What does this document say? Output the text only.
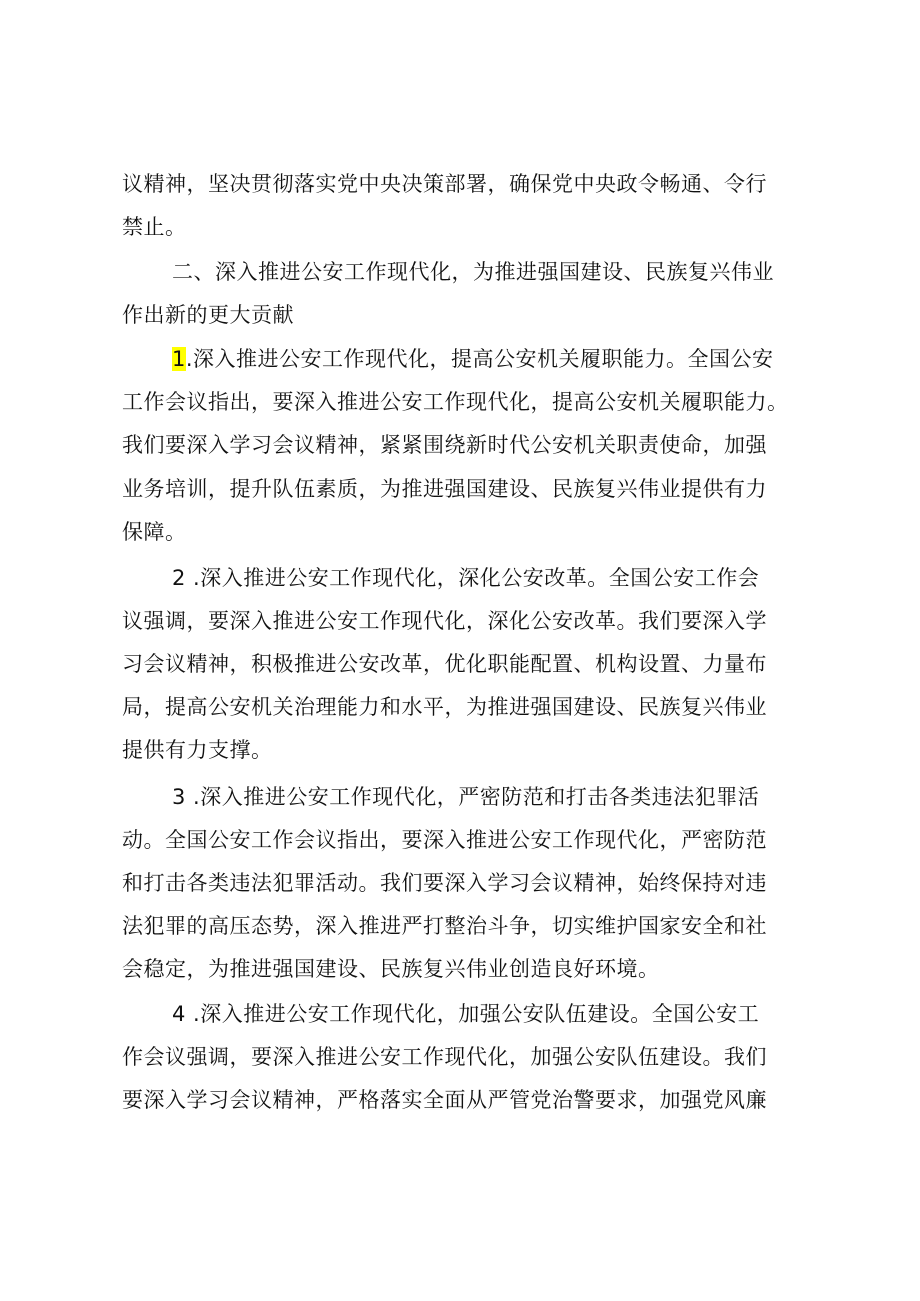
议精神，坚决贯彻落实党中央决策部署，确保党中央政令畅通、令行
禁止。
二、深入推进公安工作现代化，为推进强国建设、民族复兴伟业
作出新的更大贡献
1.深入推进公安工作现代化，提高公安机关履职能力。全国公安
工作会议指出，要深入推进公安工作现代化，提高公安机关履职能力。
我们要深入学习会议精神，紧紧围绕新时代公安机关职责使命，加强
业务培训，提升队伍素质，为推进强国建设、民族复兴伟业提供有力
保障。
2 .深入推进公安工作现代化，深化公安改革。全国公安工作会
议强调，要深入推进公安工作现代化，深化公安改革。我们要深入学
习会议精神，积极推进公安改革，优化职能配置、机构设置、力量布
局，提高公安机关治理能力和水平，为推进强国建设、民族复兴伟业
提供有力支撑。
3 .深入推进公安工作现代化，严密防范和打击各类违法犯罪活
动。全国公安工作会议指出，要深入推进公安工作现代化，严密防范
和打击各类违法犯罪活动。我们要深入学习会议精神，始终保持对违
法犯罪的高压态势，深入推进严打整治斗争，切实维护国家安全和社
会稳定，为推进强国建设、民族复兴伟业创造良好环境。
4 .深入推进公安工作现代化，加强公安队伍建设。全国公安工
作会议强调，要深入推进公安工作现代化，加强公安队伍建设。我们
要深入学习会议精神，严格落实全面从严管党治警要求，加强党风廉
